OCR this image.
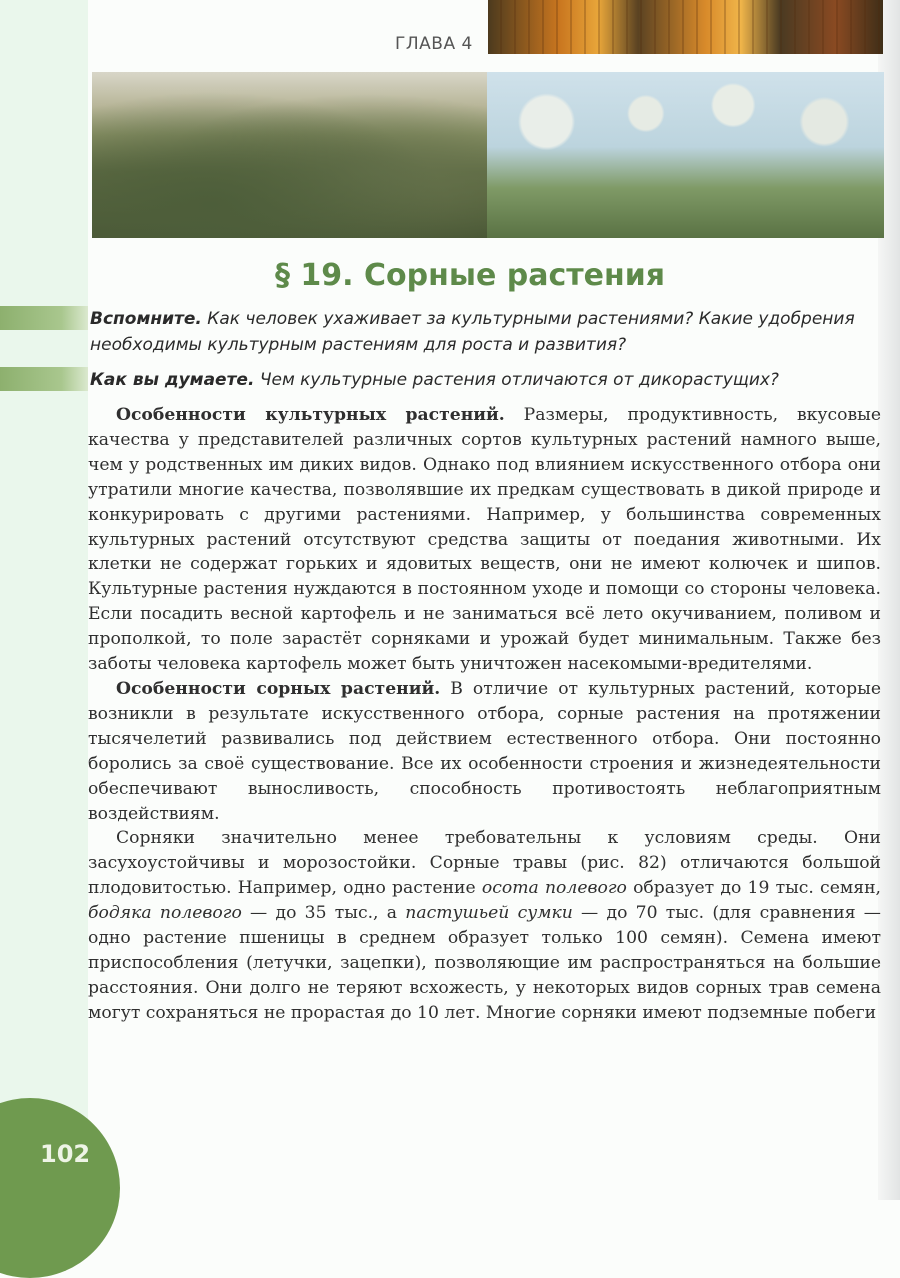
ГЛАВА 4
§ 19. Сорные растения
Вспомните. Как человек ухаживает за культурными растениями? Какие удобрения необходимы культурным растениям для роста и развития?
Как вы думаете. Чем культурные растения отличаются от дикорастущих?

Особенности культурных растений. Размеры, продуктивность, вкусовые качества у представителей различных сортов культурных растений намного выше, чем у родственных им диких видов. Однако под влиянием искусственного отбора они утратили многие качества, позволявшие их предкам существовать в дикой природе и конкурировать с другими растениями. Например, у большинства современных культурных растений отсутствуют средства защиты от поедания животными. Их клетки не содержат горьких и ядовитых веществ, они не имеют колючек и шипов. Культурные растения нуждаются в постоянном уходе и помощи со стороны человека. Если посадить весной картофель и не заниматься всё лето окучиванием, поливом и прополкой, то поле зарастёт сорняками и урожай будет минимальным. Также без заботы человека картофель может быть уничтожен насекомыми-вредителями.

Особенности сорных растений. В отличие от культурных растений, которые возникли в результате искусственного отбора, сорные растения на протяжении тысячелетий развивались под действием естественного отбора. Они постоянно боролись за своё существование. Все их особенности строения и жизнедеятельности обеспечивают выносливость, способность противостоять неблагоприятным воздействиям.

Сорняки значительно менее требовательны к условиям среды. Они засухоустойчивы и морозостойки. Сорные травы (рис. 82) отличаются большой плодовитостью. Например, одно растение осота полевого образует до 19 тыс. семян, бодяка полевого — до 35 тыс., а пастушьей сумки — до 70 тыс. (для сравнения — одно растение пшеницы в среднем образует только 100 семян). Семена имеют приспособления (летучки, зацепки), позволяющие им распространяться на большие расстояния. Они долго не теряют всхожесть, у некоторых видов сорных трав семена могут сохраняться не прорастая до 10 лет. Многие сорняки имеют подземные побеги

102
